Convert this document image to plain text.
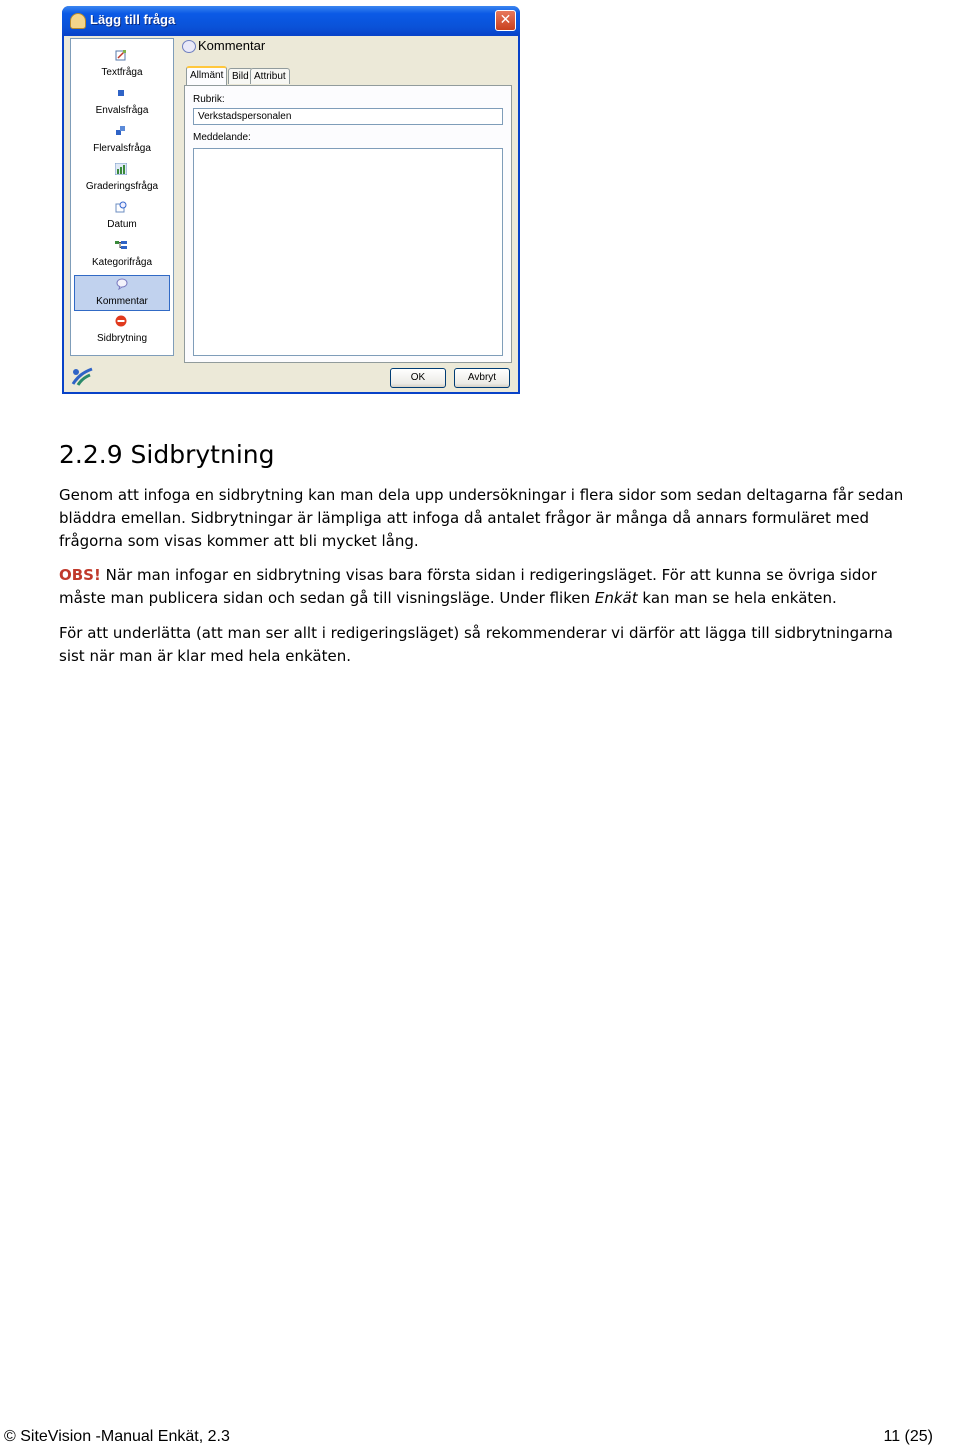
Lägg till fråga	✕
Textfråga
Envalsfråga
Flervalsfråga
Graderingsfråga
Datum
Kategorifråga
Kommentar
Sidbrytning
Kommentar
Allmänt Bild Attribut
Rubrik:
Verkstadspersonalen
Meddelande:
OK	Avbryt
2.2.9 Sidbrytning

Genom att infoga en sidbrytning kan man dela upp undersökningar i flera sidor som sedan deltagarna får sedan

bläddra emellan. Sidbrytningar är lämpliga att infoga då antalet frågor är många då annars formuläret med

frågorna som visas kommer att bli mycket lång.

OBS! När man infogar en sidbrytning visas bara första sidan i redigeringsläget. För att kunna se övriga sidor

måste man publicera sidan och sedan gå till visningsläge. Under fliken Enkät kan man se hela enkäten.

För att underlätta (att man ser allt i redigeringsläget) så rekommenderar vi därför att lägga till sidbrytningarna

sist när man är klar med hela enkäten.

© SiteVision -Manual Enkät, 2.3	11 (25)
